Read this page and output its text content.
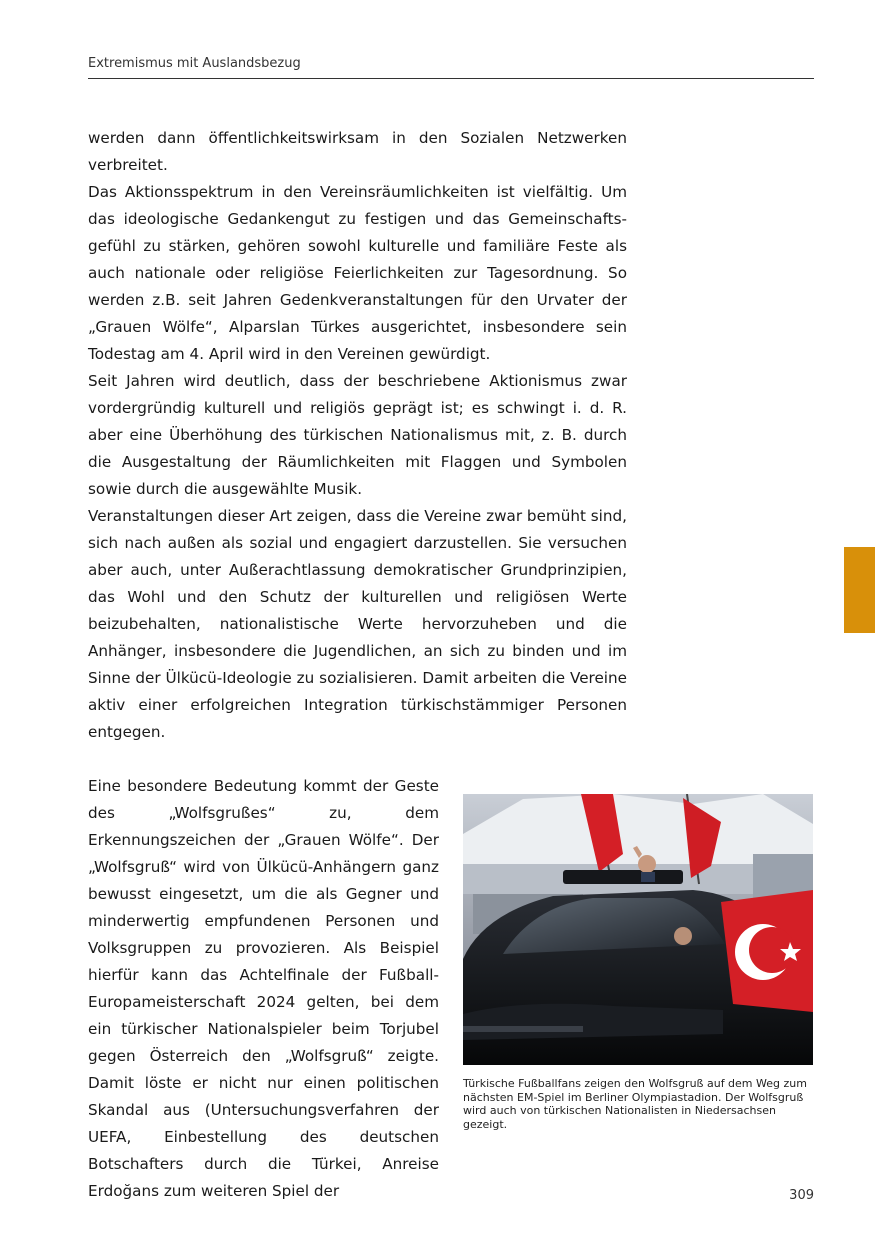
Extremismus mit Auslandsbezug

werden dann öffentlichkeitswirksam in den Sozialen Netzwerken verbreitet.

Das Aktionsspektrum in den Vereinsräumlichkeiten ist vielfältig. Um das ideologische Gedankengut zu festigen und das Gemeinschaftsgefühl zu stärken, gehören sowohl kulturelle und familiäre Feste als auch nationale oder religiöse Feierlichkeiten zur Tagesordnung. So werden z.B. seit Jahren Gedenkveranstaltungen für den Urvater der „Grauen Wölfe“, Alparslan Türkes ausgerichtet, insbesondere sein Todestag am 4. April wird in den Vereinen gewürdigt.

Seit Jahren wird deutlich, dass der beschriebene Aktionismus zwar vordergründig kulturell und religiös geprägt ist; es schwingt i. d. R. aber eine Überhöhung des türkischen Nationalismus mit, z. B. durch die Ausgestaltung der Räumlichkeiten mit Flaggen und Symbolen sowie durch die ausgewählte Musik.

Veranstaltungen dieser Art zeigen, dass die Vereine zwar bemüht sind, sich nach außen als sozial und engagiert darzustellen. Sie versuchen aber auch, unter Außerachtlassung demokratischer Grundprinzipien, das Wohl und den Schutz der kulturellen und religiösen Werte beizubehalten, nationalistische Werte hervorzuheben und die Anhänger, insbesondere die Jugendlichen, an sich zu binden und im Sinne der Ülkücü-Ideologie zu sozialisieren. Damit arbeiten die Vereine aktiv einer erfolgreichen Integration türkischstämmiger Personen entgegen.

Eine besondere Bedeutung kommt der Geste des „Wolfsgrußes“ zu, dem Erkennungszeichen der „Grauen Wölfe“. Der „Wolfsgruß“ wird von Ülkücü-Anhängern ganz bewusst eingesetzt, um die als Gegner und minderwertig empfundenen Personen und Volksgruppen zu provozieren. Als Beispiel hierfür kann das Achtelfinale der Fußball-Europameisterschaft 2024 gelten, bei dem ein türkischer Nationalspieler beim Torjubel gegen Österreich den „Wolfsgruß“ zeigte. Damit löste er nicht nur einen politischen Skandal aus (Untersuchungsverfahren der UEFA, Einbestellung des deutschen Botschafters durch die Türkei, Anreise Erdoğans zum weiteren Spiel der

Türkische Fußballfans zeigen den Wolfsgruß auf dem Weg zum nächsten EM-Spiel im Berliner Olympiastadion. Der Wolfsgruß wird auch von türkischen Nationalisten in Niedersachsen gezeigt.
309
